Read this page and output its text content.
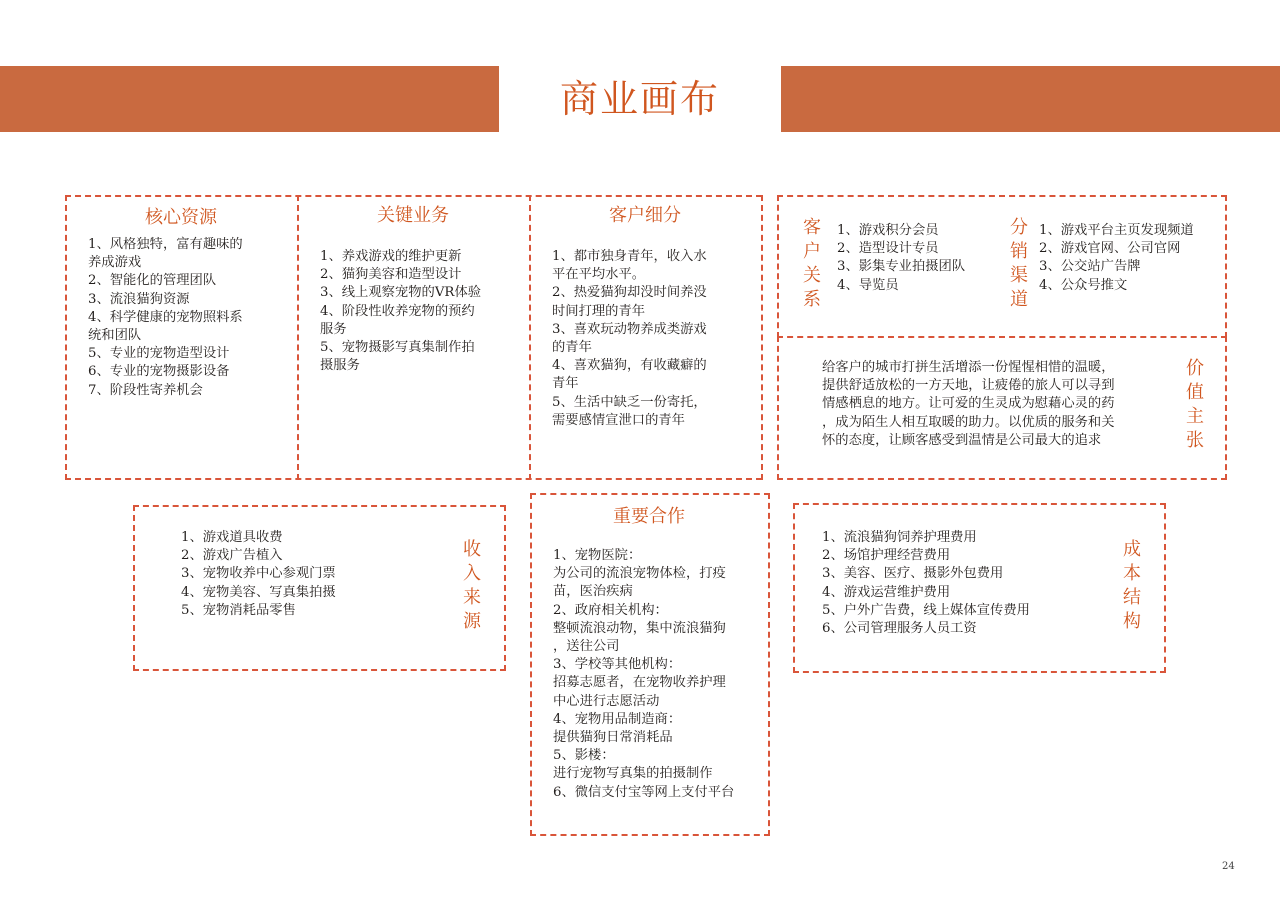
商业画布
核心资源
1、风格独特，富有趣味的
养成游戏
2、智能化的管理团队
3、流浪猫狗资源
4、科学健康的宠物照料系
统和团队
5、专业的宠物造型设计
6、专业的宠物摄影设备
7、阶段性寄养机会
关键业务
1、养戏游戏的维护更新
2、猫狗美容和造型设计
3、线上观察宠物的VR体验
4、阶段性收养宠物的预约
服务
5、宠物摄影写真集制作拍
摄服务
客户细分
1、都市独身青年，收入水
平在平均水平。
2、热爱猫狗却没时间养没
时间打理的青年
3、喜欢玩动物养成类游戏
的青年
4、喜欢猫狗，有收藏癖的
青年
5、生活中缺乏一份寄托，
需要感情宣泄口的青年
客户关系
1、游戏积分会员
2、造型设计专员
3、影集专业拍摄团队
4、导览员
分销渠道
1、游戏平台主页发现频道
2、游戏官网、公司官网
3、公交站广告牌
4、公众号推文
给客户的城市打拼生活增添一份惺惺相惜的温暖，
提供舒适放松的一方天地，让疲倦的旅人可以寻到
情感栖息的地方。让可爱的生灵成为慰藉心灵的药
，成为陌生人相互取暖的助力。以优质的服务和关
怀的态度，让顾客感受到温情是公司最大的追求
价值主张
1、游戏道具收费
2、游戏广告植入
3、宠物收养中心参观门票
4、宠物美容、写真集拍摄
5、宠物消耗品零售
收入来源
重要合作
1、宠物医院：
为公司的流浪宠物体检，打疫
苗，医治疾病
2、政府相关机构：
整顿流浪动物，集中流浪猫狗
，送往公司
3、学校等其他机构：
招募志愿者，在宠物收养护理
中心进行志愿活动
4、宠物用品制造商：
提供猫狗日常消耗品
5、影楼：
进行宠物写真集的拍摄制作
6、微信支付宝等网上支付平台
1、流浪猫狗饲养护理费用
2、场馆护理经营费用
3、美容、医疗、摄影外包费用
4、游戏运营维护费用
5、户外广告费，线上媒体宣传费用
6、公司管理服务人员工资
成本结构
24
